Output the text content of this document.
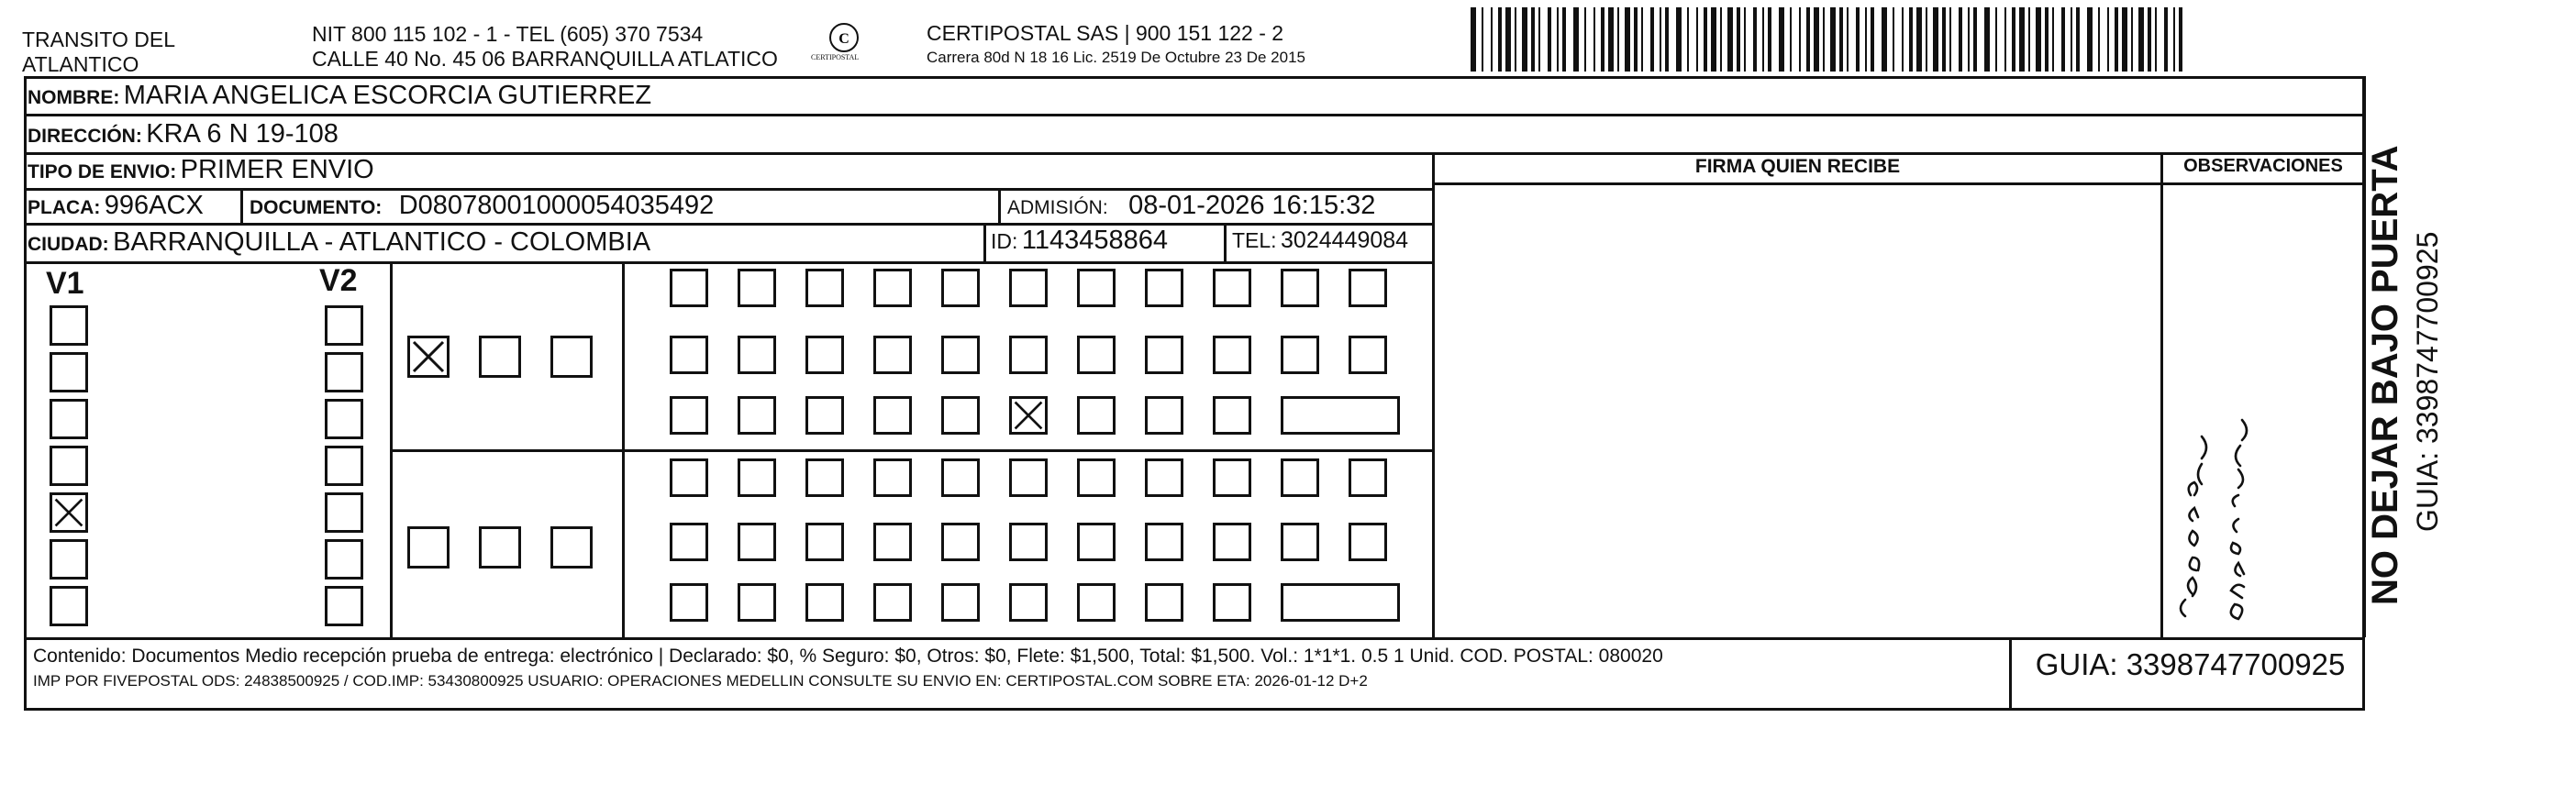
TRANSITO DEL
ATLANTICO
NIT 800 115 102 - 1 - TEL (605) 370 7534
CALLE 40 No. 45 06 BARRANQUILLA ATLATICO
C
CERTIPOSTAL
CERTIPOSTAL SAS | 900 151 122 - 2
Carrera 80d N 18 16 Lic. 2519 De Octubre 23 De 2015
NOMBRE: MARIA ANGELICA ESCORCIA GUTIERREZ
DIRECCIÓN: KRA 6 N 19-108
TIPO DE ENVIO: PRIMER ENVIO
PLACA: 996ACX DOCUMENTO: D08078001000054035492	ADMISIÓN: 08-01-2026 16:15:32
CIUDAD: BARRANQUILLA - ATLANTICO - COLOMBIA	ID: 1143458864	TEL: 3024449084
FIRMA QUIEN RECIBE	OBSERVACIONES
V1	V2
Contenido: Documentos Medio recepción prueba de entrega: electrónico | Declarado: $0, % Seguro: $0, Otros: $0, Flete: $1,500, Total: $1,500. Vol.: 1*1*1. 0.5 1 Unid. COD. POSTAL: 080020
IMP POR FIVEPOSTAL ODS: 24838500925 / COD.IMP: 53430800925 USUARIO: OPERACIONES MEDELLIN CONSULTE SU ENVIO EN: CERTIPOSTAL.COM SOBRE ETA: 2026-01-12 D+2	GUIA: 3398747700925
NO DEJAR BAJO PUERTA GUIA: 3398747700925
